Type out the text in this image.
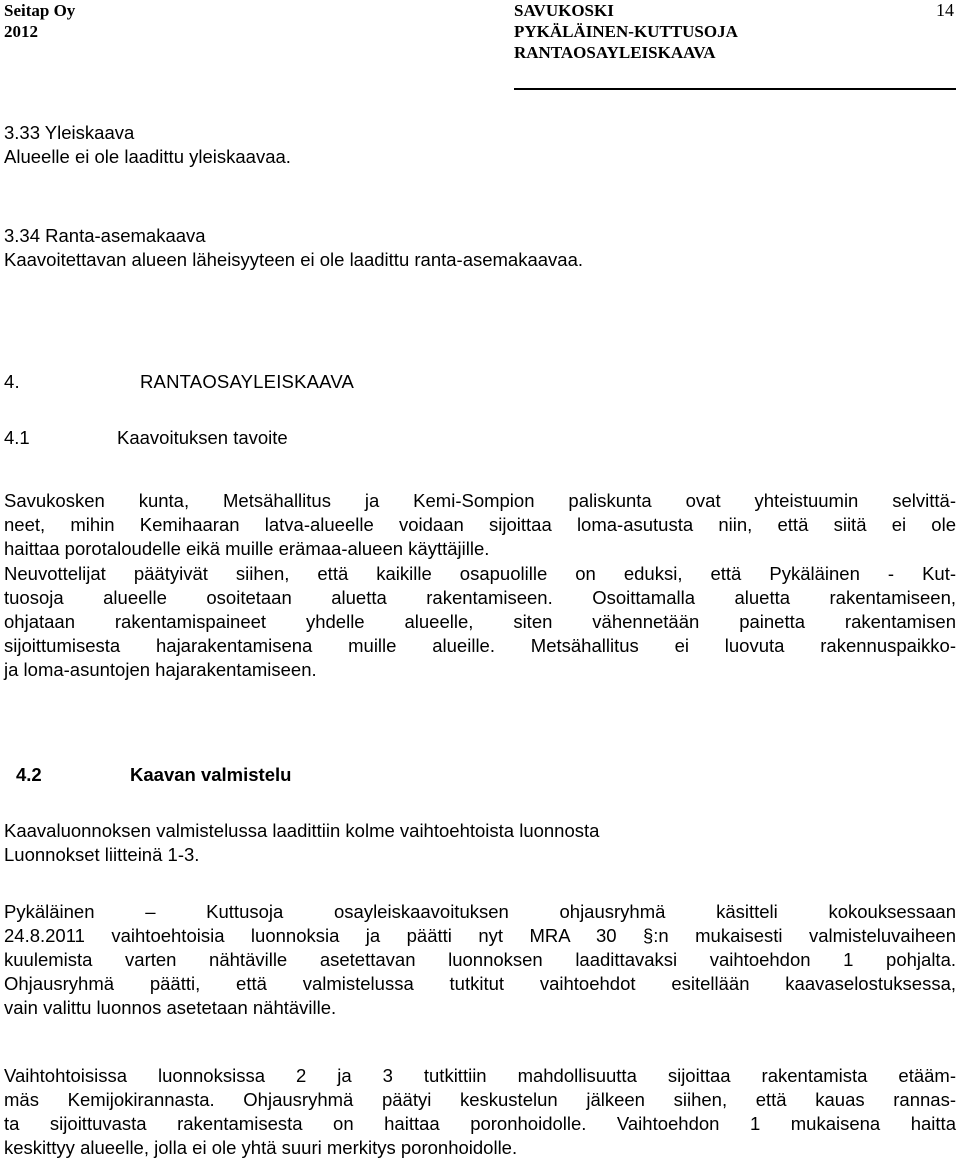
Seitap Oy
2012
SAVUKOSKI
PYKÄLÄINEN-KUTTUSOJA
RANTAOSAYLEISKAAVA
14
3.33 Yleiskaava
Alueelle ei ole laadittu yleiskaavaa.
3.34 Ranta-asemakaava
Kaavoitettavan alueen läheisyyteen ei ole laadittu ranta-asemakaavaa.
4.	RANTAOSAYLEISKAAVA
4.1	Kaavoituksen tavoite
Savukosken kunta, Metsähallitus ja Kemi-Sompion paliskunta ovat yhteistuumin selvittä-
neet, mihin Kemihaaran latva-alueelle voidaan sijoittaa loma-asutusta niin, että siitä ei ole
haittaa porotaloudelle eikä muille erämaa-alueen käyttäjille.
Neuvottelijat päätyivät siihen, että kaikille osapuolille on eduksi, että Pykäläinen - Kut-
tuosoja alueelle osoitetaan aluetta rakentamiseen. Osoittamalla aluetta rakentamiseen,
ohjataan rakentamispaineet yhdelle alueelle, siten vähennetään painetta rakentamisen
sijoittumisesta hajarakentamisena muille alueille. Metsähallitus ei luovuta rakennuspaikko-
ja loma-asuntojen hajarakentamiseen.
4.2	Kaavan valmistelu
Kaavaluonnoksen valmistelussa laadittiin kolme vaihtoehtoista luonnosta
Luonnokset liitteinä 1-3.
Pykäläinen – Kuttusoja osayleiskaavoituksen ohjausryhmä käsitteli kokouksessaan
24.8.2011 vaihtoehtoisia luonnoksia ja päätti nyt MRA 30 §:n mukaisesti valmisteluvaiheen
kuulemista varten nähtäville asetettavan luonnoksen laadittavaksi vaihtoehdon 1 pohjalta.
Ohjausryhmä päätti, että valmistelussa tutkitut vaihtoehdot esitellään kaavaselostuksessa,
vain valittu luonnos asetetaan nähtäville.
Vaihtohtoisissa luonnoksissa 2 ja 3 tutkittiin mahdollisuutta sijoittaa rakentamista etääm-
mäs Kemijokirannasta. Ohjausryhmä päätyi keskustelun jälkeen siihen, että kauas rannas-
ta sijoittuvasta rakentamisesta on haittaa poronhoidolle. Vaihtoehdon 1 mukaisena haitta
keskittyy alueelle, jolla ei ole yhtä suuri merkitys poronhoidolle.
